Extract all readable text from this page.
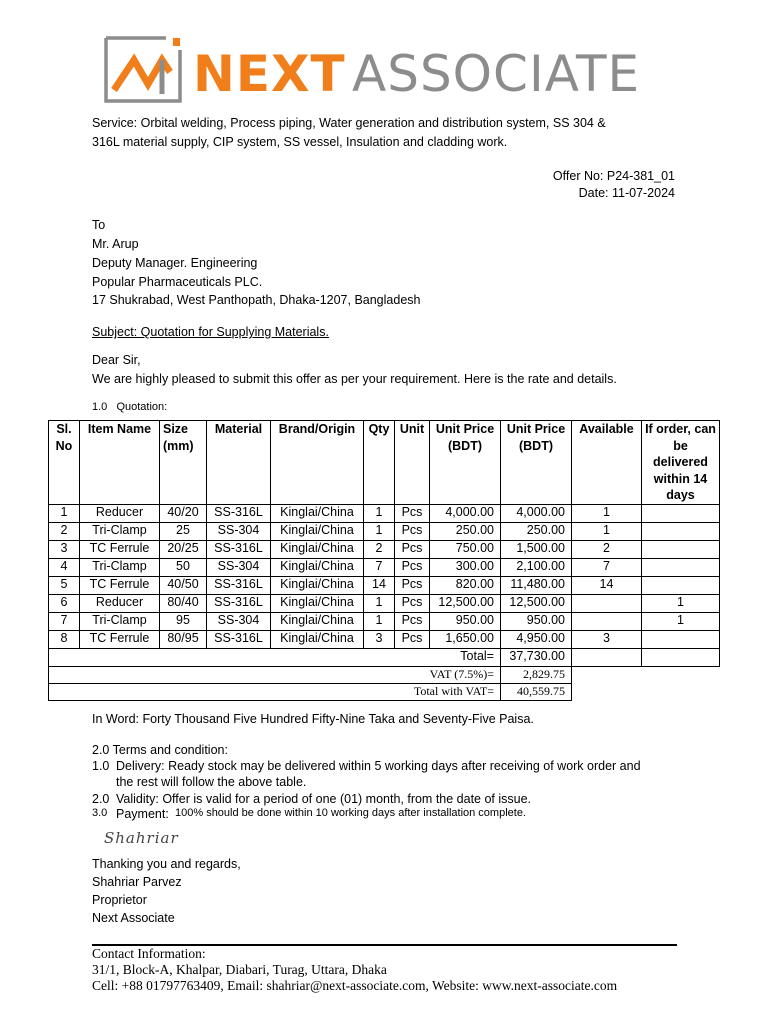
NEXT ASSOCIATE
Service: Orbital welding, Process piping, Water generation and distribution system, SS 304 &
316L material supply, CIP system, SS vessel, Insulation and cladding work.
Offer No: P24-381_01
Date: 11-07-2024
To
Mr. Arup
Deputy Manager. Engineering
Popular Pharmaceuticals PLC.
17 Shukrabad, West Panthopath, Dhaka-1207, Bangladesh
Subject: Quotation for Supplying Materials.
Dear Sir,
We are highly pleased to submit this offer as per your requirement. Here is the rate and details.
1.0   Quotation:
Sl. No	Item Name	Size (mm)	Material	Brand/Origin	Qty	Unit	Unit Price (BDT)	Unit Price (BDT)	Available	If order, can be delivered within 14 days
1	Reducer	40/20	SS-316L	Kinglai/China	1	Pcs	4,000.00	4,000.00	1	
2	Tri-Clamp	25	SS-304	Kinglai/China	1	Pcs	250.00	250.00	1	
3	TC Ferrule	20/25	SS-316L	Kinglai/China	2	Pcs	750.00	1,500.00	2	
4	Tri-Clamp	50	SS-304	Kinglai/China	7	Pcs	300.00	2,100.00	7	
5	TC Ferrule	40/50	SS-316L	Kinglai/China	14	Pcs	820.00	11,480.00	14	
6	Reducer	80/40	SS-316L	Kinglai/China	1	Pcs	12,500.00	12,500.00		1
7	Tri-Clamp	95	SS-304	Kinglai/China	1	Pcs	950.00	950.00		1
8	TC Ferrule	80/95	SS-316L	Kinglai/China	3	Pcs	1,650.00	4,950.00	3	
Total=								37,730.00		
VAT (7.5%)=								2,829.75		
Total with VAT=								40,559.75		
In Word: Forty Thousand Five Hundred Fifty-Nine Taka and Seventy-Five Paisa.
2.0 Terms and condition:
1.0 Delivery: Ready stock may be delivered within 5 working days after receiving of work order and
the rest will follow the above table.
2.0 Validity: Offer is valid for a period of one (01) month, from the date of issue.
3.0 Payment: 100% should be done within 10 working days after installation complete.
Shahriar
Thanking you and regards,
Shahriar Parvez
Proprietor
Next Associate
Contact Information:
31/1, Block-A, Khalpar, Diabari, Turag, Uttara, Dhaka
Cell: +88 01797763409, Email: shahriar@next-associate.com, Website: www.next-associate.com
